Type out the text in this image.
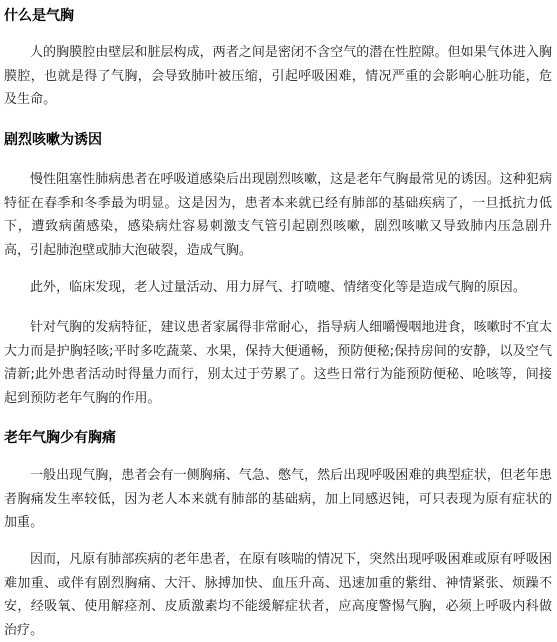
什么是气胸

人的胸膜腔由壁层和脏层构成，两者之间是密闭不含空气的潜在性腔隙。但如果气体进入胸膜腔，也就是得了气胸，会导致肺叶被压缩，引起呼吸困难，情况严重的会影响心脏功能，危及生命。

剧烈咳嗽为诱因

慢性阻塞性肺病患者在呼吸道感染后出现剧烈咳嗽，这是老年气胸最常见的诱因。这种犯病特征在春季和冬季最为明显。这是因为，患者本来就已经有肺部的基础疾病了，一旦抵抗力低下，遭致病菌感染，感染病灶容易刺激支气管引起剧烈咳嗽，剧烈咳嗽又导致肺内压急剧升高，引起肺泡壁或肺大泡破裂，造成气胸。

此外，临床发现，老人过量活动、用力屏气、打喷嚏、情绪变化等是造成气胸的原因。

针对气胸的发病特征，建议患者家属得非常耐心，指导病人细嚼慢咽地进食，咳嗽时不宜太大力而是护胸轻咳;平时多吃蔬菜、水果，保持大便通畅，预防便秘;保持房间的安静，以及空气 清新;此外患者活动时得量力而行，别太过于劳累了。这些日常行为能预防便秘、呛咳等，间接起到预防老年气胸的作用。

老年气胸少有胸痛

一般出现气胸，患者会有一侧胸痛、气急、憋气，然后出现呼吸困难的典型症状，但老年患者胸痛发生率较低，因为老人本来就有肺部的基础病，加上同感迟钝，可只表现为原有症状的加重。

因而，凡原有肺部疾病的老年患者，在原有咳喘的情况下，突然出现呼吸困难或原有呼吸困难加重、或伴有剧烈胸痛、大汗、脉搏加快、血压升高、迅速加重的紫绀、神情紧张、烦躁不安，经吸氧、使用解痉剂、皮质激素均不能缓解症状者，应高度警惕气胸，必须上呼吸内科做治疗。
